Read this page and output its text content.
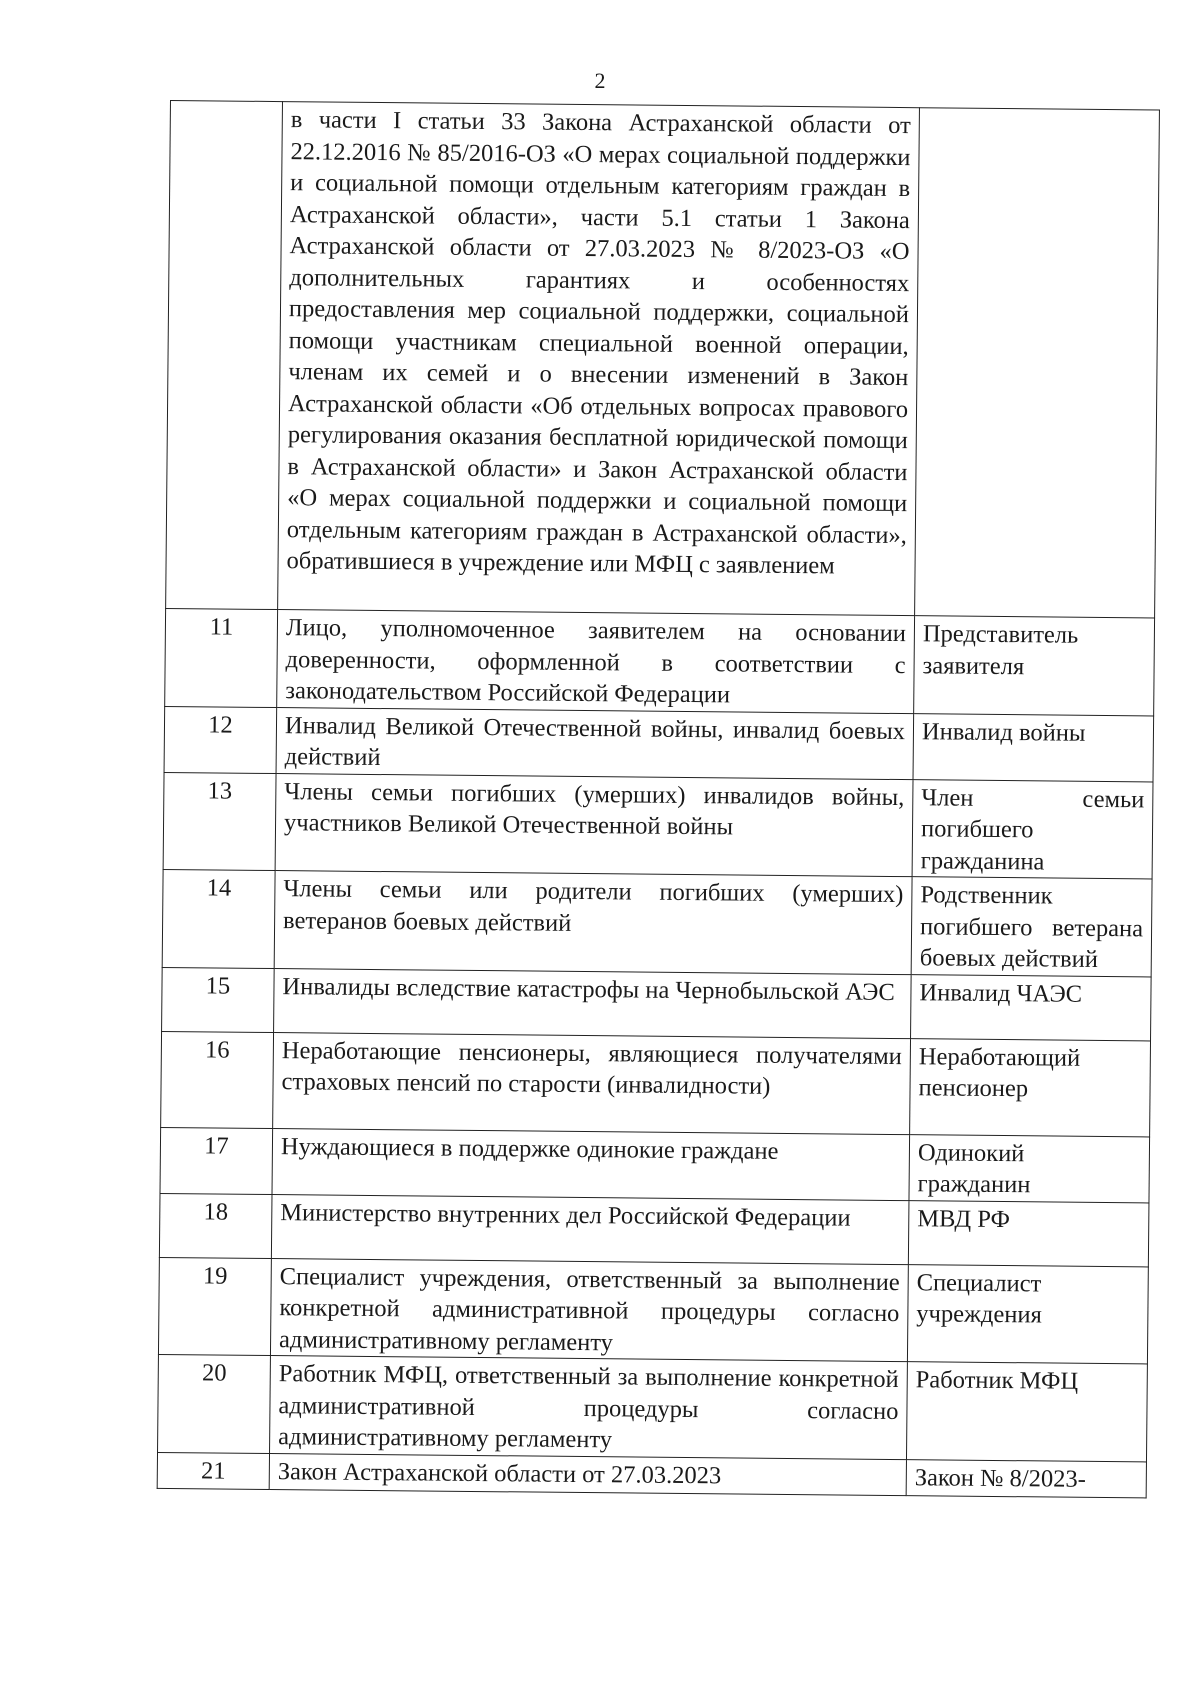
2
	в части I статьи 33 Закона Астраханской области от 22.12.2016 № 85/2016-ОЗ «О мерах социальной поддержки и социальной помощи отдельным категориям граждан в Астраханской области», части 5.1 статьи 1 Закона Астраханской области от 27.03.2023 № 8/2023-ОЗ «О дополнительных гарантиях и особенностях предоставления мер социальной поддержки, социальной помощи участникам специальной военной операции, членам их семей и о внесении изменений в Закон Астраханской области «Об отдельных вопросах правового регулирования оказания бесплатной юридической помощи в Астраханской области» и Закон Астраханской области «О мерах социальной поддержки и социальной помощи отдельным категориям граждан в Астраханской области», обратившиеся в учреждение или МФЦ с заявлением	
11	Лицо, уполномоченное заявителем на основании доверенности, оформленной в соответствии с законодательством Российской Федерации	Представитель заявителя
12	Инвалид Великой Отечественной войны, инвалид боевых действий	Инвалид войны
13	Члены семьи погибших (умерших) инвалидов войны, участников Великой Отечественной войны	Член семьи погибшего гражданина
14	Члены семьи или родители погибших (умерших) ветеранов боевых действий	Родственник погибшего ветерана боевых действий
15	Инвалиды вследствие катастрофы на Чернобыльской АЭС	Инвалид ЧАЭС
16	Неработающие пенсионеры, являющиеся получателями страховых пенсий по старости (инвалидности)	Неработающий пенсионер
17	Нуждающиеся в поддержке одинокие граждане	Одинокий гражданин
18	Министерство внутренних дел Российской Федерации	МВД РФ
19	Специалист учреждения, ответственный за выполнение конкретной административной процедуры согласно административному регламенту	Специалист учреждения
20	Работник МФЦ, ответственный за выполнение конкретной административной процедуры согласно административному регламенту	Работник МФЦ
21	Закон Астраханской области от 27.03.2023	Закон № 8/2023-
